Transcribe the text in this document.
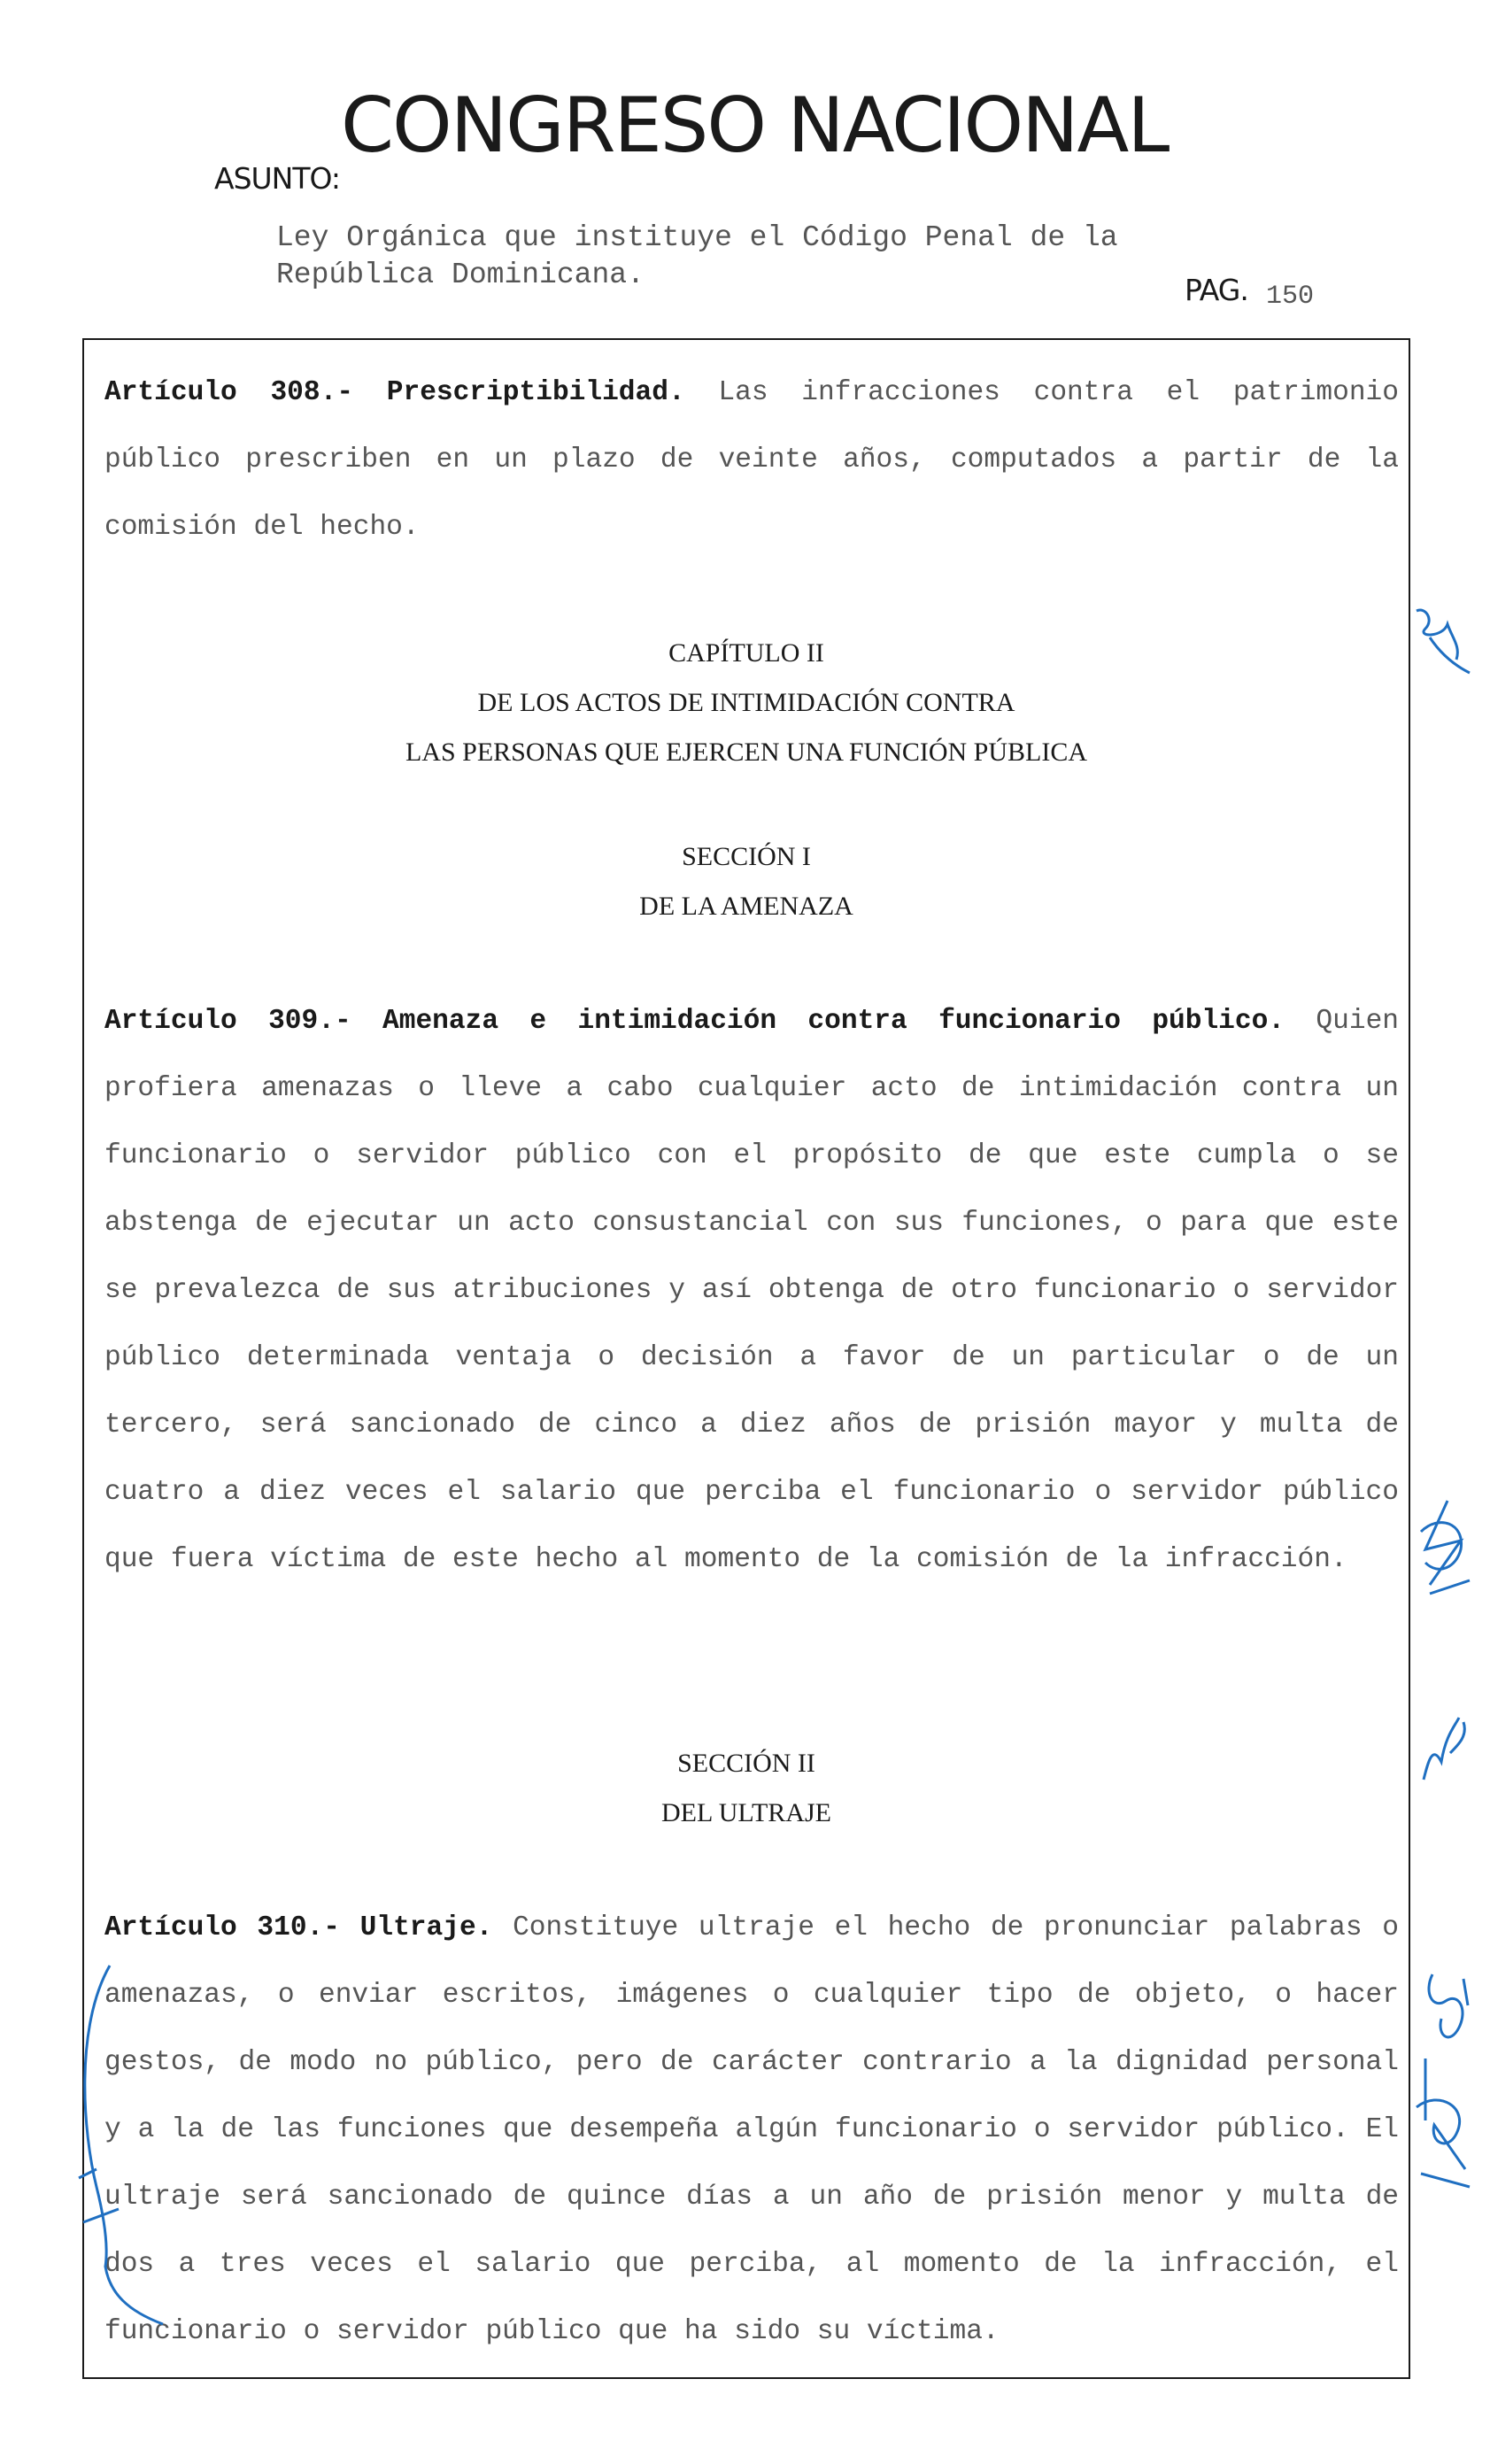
CONGRESO NACIONAL
ASUNTO:
Ley Orgánica que instituye el Código Penal de la
República Dominicana.	PAG. 150
Artículo 308.- Prescriptibilidad. Las infracciones contra el patrimonio público prescriben en un plazo de veinte años, computados a partir de la comisión del hecho.
CAPÍTULO II
DE LOS ACTOS DE INTIMIDACIÓN CONTRA
LAS PERSONAS QUE EJERCEN UNA FUNCIÓN PÚBLICA
SECCIÓN I
DE LA AMENAZA
Artículo 309.- Amenaza e intimidación contra funcionario público. Quien profiera amenazas o lleve a cabo cualquier acto de intimidación contra un funcionario o servidor público con el propósito de que este cumpla o se abstenga de ejecutar un acto consustancial con sus funciones, o para que este se prevalezca de sus atribuciones y así obtenga de otro funcionario o servidor público determinada ventaja o decisión a favor de un particular o de un tercero, será sancionado de cinco a diez años de prisión mayor y multa de cuatro a diez veces el salario que perciba el funcionario o servidor público que fuera víctima de este hecho al momento de la comisión de la infracción.
SECCIÓN II
DEL ULTRAJE
Artículo 310.- Ultraje. Constituye ultraje el hecho de pronunciar palabras o amenazas, o enviar escritos, imágenes o cualquier tipo de objeto, o hacer gestos, de modo no público, pero de carácter contrario a la dignidad personal y a la de las funciones que desempeña algún funcionario o servidor público. El ultraje será sancionado de quince días a un año de prisión menor y multa de dos a tres veces el salario que perciba, al momento de la infracción, el funcionario o servidor público que ha sido su víctima.
